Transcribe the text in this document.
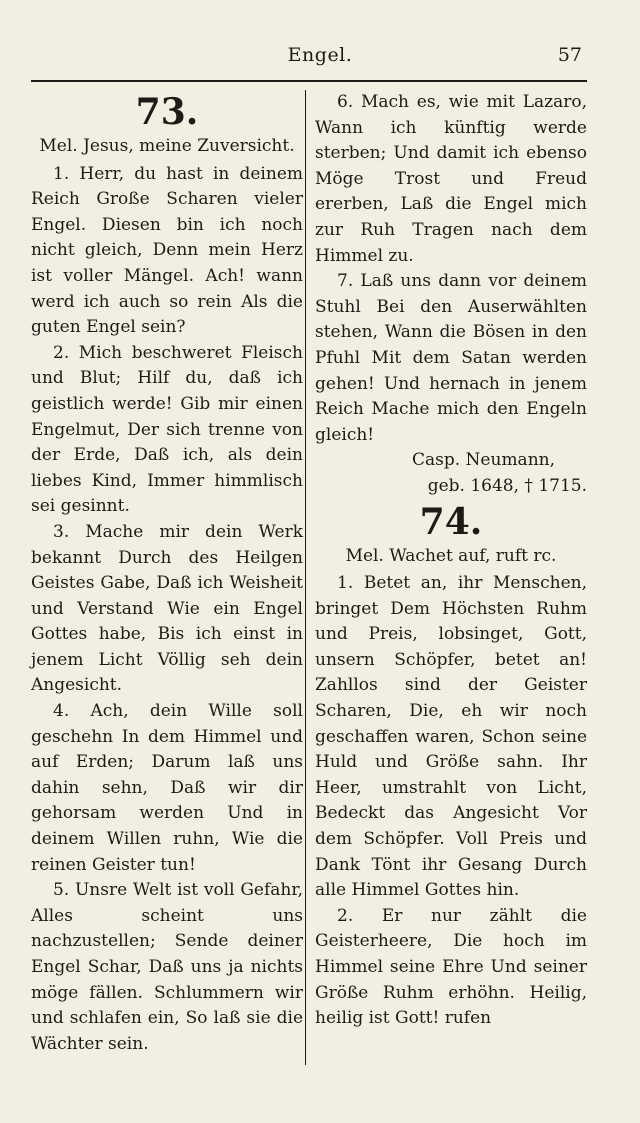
Engel.	57
73.
Mel. Jesus, meine Zuversicht.

1. Herr, du hast in deinem Reich Große Scharen vieler Engel. Diesen bin ich noch nicht gleich, Denn mein Herz ist voller Mängel. Ach! wann werd ich auch so rein Als die guten Engel sein?

2. Mich beschweret Fleisch und Blut; Hilf du, daß ich geistlich werde! Gib mir einen Engelmut, Der sich trenne von der Erde, Daß ich, als dein liebes Kind, Immer himmlisch sei gesinnt.

3. Mache mir dein Werk bekannt Durch des Heilgen Geistes Gabe, Daß ich Weisheit und Verstand Wie ein Engel Gottes habe, Bis ich einst in jenem Licht Völlig seh dein Angesicht.

4. Ach, dein Wille soll geschehn In dem Himmel und auf Erden; Darum laß uns dahin sehn, Daß wir dir gehorsam werden Und in deinem Willen ruhn, Wie die reinen Geister tun!

5. Unsre Welt ist voll Gefahr, Alles scheint uns nachzustellen; Sende deiner Engel Schar, Daß uns ja nichts möge fällen. Schlummern wir und schlafen ein, So laß sie die Wächter sein.

6. Mach es, wie mit Lazaro, Wann ich künftig werde sterben; Und damit ich ebenso Möge Trost und Freud ererben, Laß die Engel mich zur Ruh Tragen nach dem Himmel zu.

7. Laß uns dann vor deinem Stuhl Bei den Auserwählten stehen, Wann die Bösen in den Pfuhl Mit dem Satan werden gehen! Und hernach in jenem Reich Mache mich den Engeln gleich!

Casp. Neumann,
geb. 1648, † 1715.
74.
Mel. Wachet auf, ruft rc.

1. Betet an, ihr Menschen, bringet Dem Höchsten Ruhm und Preis, lobsinget, Gott, unsern Schöpfer, betet an! Zahllos sind der Geister Scharen, Die, eh wir noch geschaffen waren, Schon seine Huld und Größe sahn. Ihr Heer, umstrahlt von Licht, Bedeckt das Angesicht Vor dem Schöpfer. Voll Preis und Dank Tönt ihr Gesang Durch alle Himmel Gottes hin.

2. Er nur zählt die Geisterheere, Die hoch im Himmel seine Ehre Und seiner Größe Ruhm erhöhn. Heilig, heilig ist Gott! rufen
